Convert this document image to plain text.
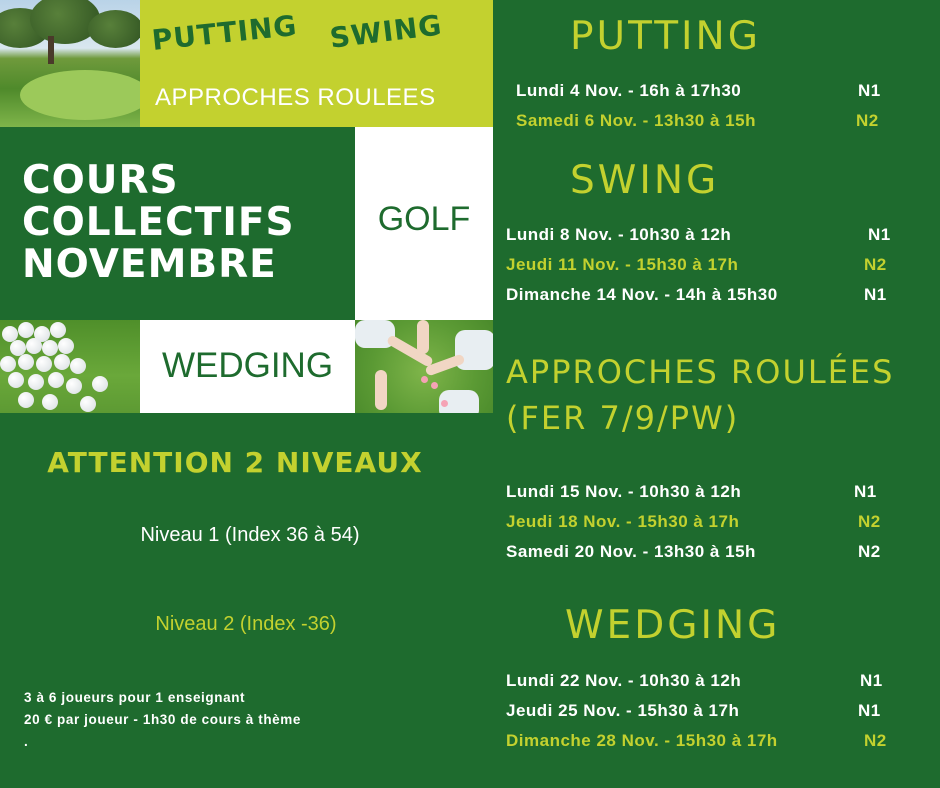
PUTTING SWING
APPROCHES ROULEES
COURS
COLLECTIFS
NOVEMBRE
GOLF
WEDGING
ATTENTION 2 NIVEAUX
Niveau 1 (Index 36 à 54)
Niveau 2 (Index -36)
3 à 6 joueurs pour 1 enseignant
20 € par joueur - 1h30 de cours à thème
.
PUTTING
Lundi 4 Nov. - 16h à 17h30	N1
Samedi 6 Nov. - 13h30 à 15h	N2
SWING
Lundi 8 Nov. - 10h30 à 12h	N1
Jeudi 11 Nov. - 15h30 à 17h	N2
Dimanche 14 Nov. - 14h à 15h30	N1
APPROCHES ROULÉES
(FER 7/9/PW)
Lundi 15 Nov. - 10h30 à 12h	N1
Jeudi 18 Nov. - 15h30 à 17h	N2
Samedi 20 Nov. - 13h30 à 15h	N2
WEDGING
Lundi 22 Nov. - 10h30 à 12h	N1
Jeudi 25 Nov. - 15h30 à 17h	N1
Dimanche 28 Nov. - 15h30 à 17h	N2
